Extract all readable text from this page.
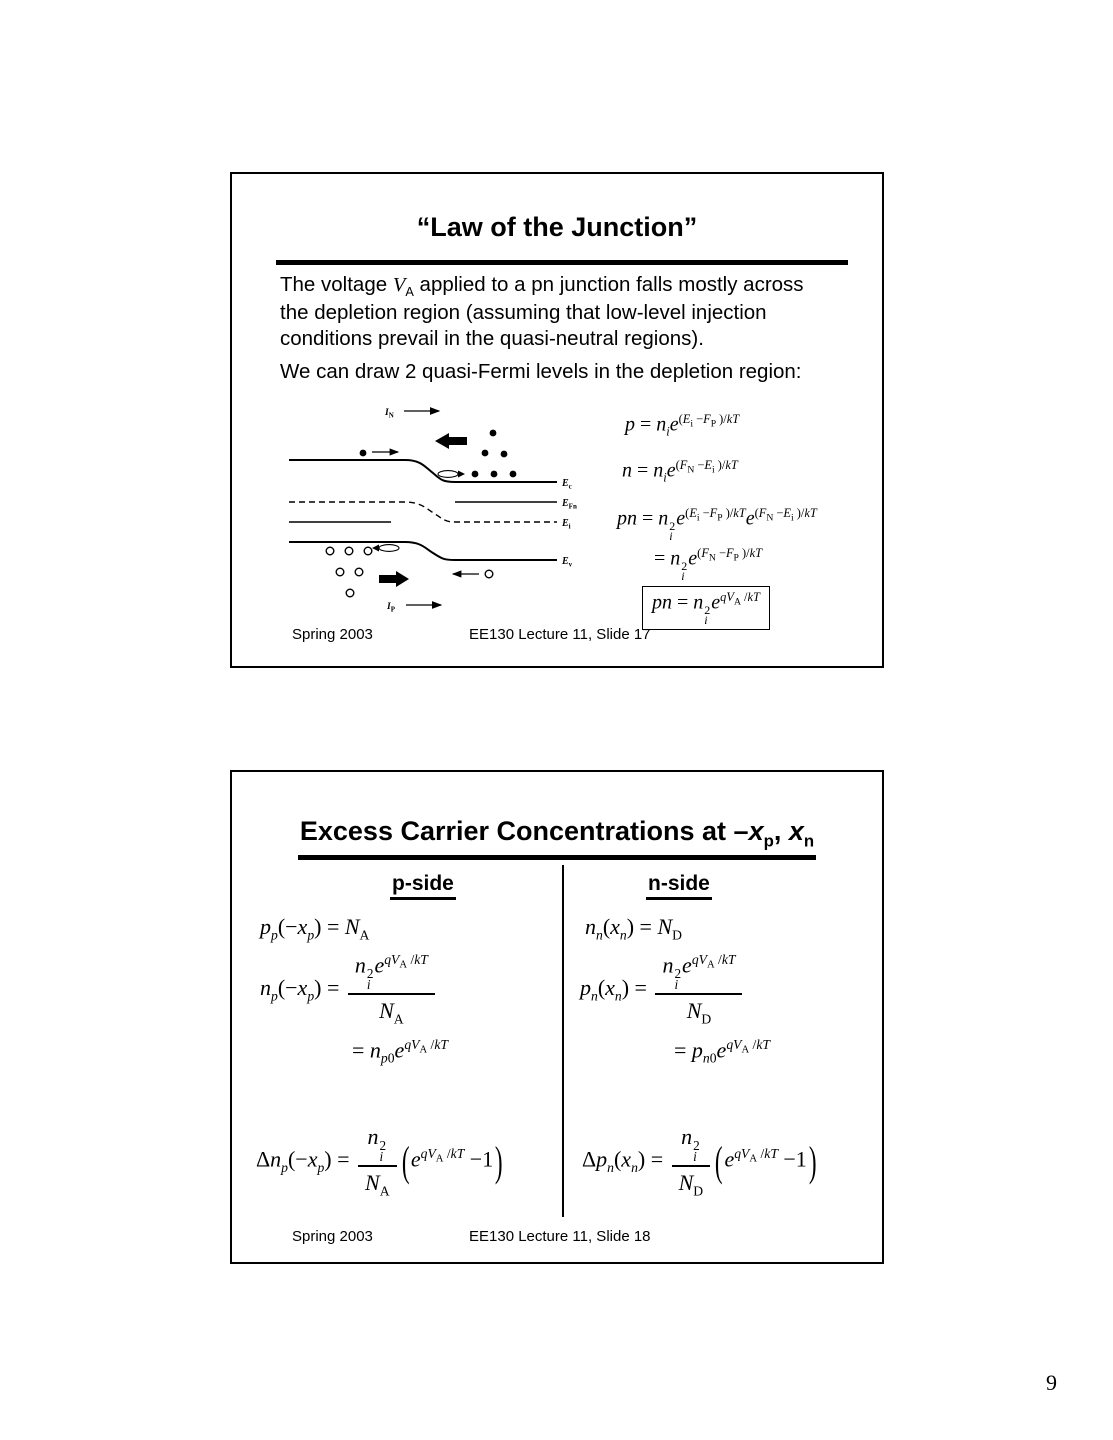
“Law of the Junction”

The voltage $V_A$ applied to a pn junction falls mostly across
the depletion region (assuming that low-level injection
conditions prevail in the quasi-neutral regions).

We can draw 2 quasi-Fermi levels in the depletion region:

$I_N$
$E_c$
$E_{Fn}$
$E_i$
$E_v$
$I_P$
$p = n_ie^{(E_i -F_P )/kT}$
$n = n_ie^{(F_N -E_i )/kT}$
pn = n 2
i
$e^{(E_i -F_P )/kT}e^{(F_N -E_i )/kT}$
= n 2
i
$e^{(F_N -F_P )/kT}$
pn = n 2
i
$e^{qV_A /kT}$
Spring 2003	EE130 Lecture 11, Slide 17
Excess Carrier Concentrations at $-x_p$, $x_n$
p-side	n-side
$p_p(-x_p) = N_A$
$n_p(-x_p) = n$ 2
i
$e^{qV_A /kT}$
$N_A$
= $n_{p0}e^{qV_A /kT}$
$\Delta n_p(-x_p) = n$ 2
i
$N_A$ $(e^{qV_A /kT} -1)$
$n_n(x_n) = N_D$
$p_n(x_n) = n$ 2
i
$e^{qV_A /kT}$
$N_D$
= $p_{n0}e^{qV_A /kT}$
$\Delta p_n(x_n) = n$ 2
i
$N_D$ $(e^{qV_A /kT} -1)$
Spring 2003	EE130 Lecture 11, Slide 18
9
